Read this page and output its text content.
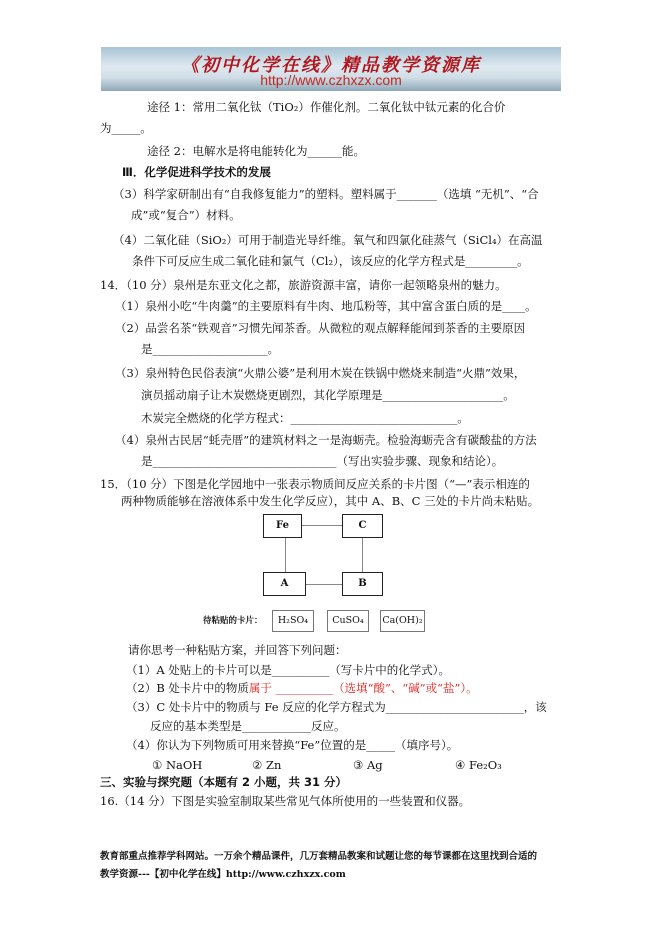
《初中化学在线》精品教学资源库
http://www.czhxzx.com
途径 1：常用二氧化钛（TiO₂）作催化剂。二氧化钛中钛元素的化合价
为_____。
途径 2：电解水是将电能转化为______能。
Ⅲ．化学促进科学技术的发展
（3）科学家研制出有“自我修复能力”的塑料。塑料属于_______（选填 “无机”、“合
成”或“复合”）材料。
（4）二氧化硅（SiO₂）可用于制造光导纤维。氧气和四氯化硅蒸气（SiCl₄）在高温
条件下可反应生成二氧化硅和氯气（Cl₂），该反应的化学方程式是_________。
14．（10 分）泉州是东亚文化之都，旅游资源丰富，请你一起领略泉州的魅力。
（1）泉州小吃“牛肉羹”的主要原料有牛肉、地瓜粉等，其中富含蛋白质的是____。
（2）品尝名茶“铁观音”习惯先闻茶香。从微粒的观点解释能闻到茶香的主要原因
是____________________。
（3）泉州特色民俗表演“火鼎公婆”是利用木炭在铁锅中燃烧来制造“火鼎”效果，
演员摇动扇子让木炭燃烧更剧烈，其化学原理是_____________________。
木炭完全燃烧的化学方程式：_____________________________。
（4）泉州古民居“蚝壳厝”的建筑材料之一是海蛎壳。检验海蛎壳含有碳酸盐的方法
是________________________________（写出实验步骤、现象和结论）。
15．（10 分）下图是化学园地中一张表示物质间反应关系的卡片图（“—”表示相连的
两种物质能够在溶液体系中发生化学反应），其中 A、B、C 三处的卡片尚未粘贴。
Fe	C
A	B
待粘贴的卡片：	H₂SO₄	CuSO₄	Ca(OH)₂
请你思考一种粘贴方案，并回答下列问题：
（1）A 处贴上的卡片可以是__________（写卡片中的化学式）。
（2）B 处卡片中的物质属于 __________（选填“酸”、“碱”或“盐”）。
（3）C 处卡片中的物质与 Fe 反应的化学方程式为________________________，该
反应的基本类型是____________反应。
（4）你认为下列物质可用来替换“Fe”位置的是_____（填序号）。
① NaOH	② Zn	③ Ag	④ Fe₂O₃
三、实验与探究题（本题有 2 小题，共 31 分）
16.（14 分）下图是实验室制取某些常见气体所使用的一些装置和仪器。
教育部重点推荐学科网站。一万余个精品课件，几万套精品教案和试题让您的每节课都在这里找到合适的
教学资源---【初中化学在线】http://www.czhxzx.com
